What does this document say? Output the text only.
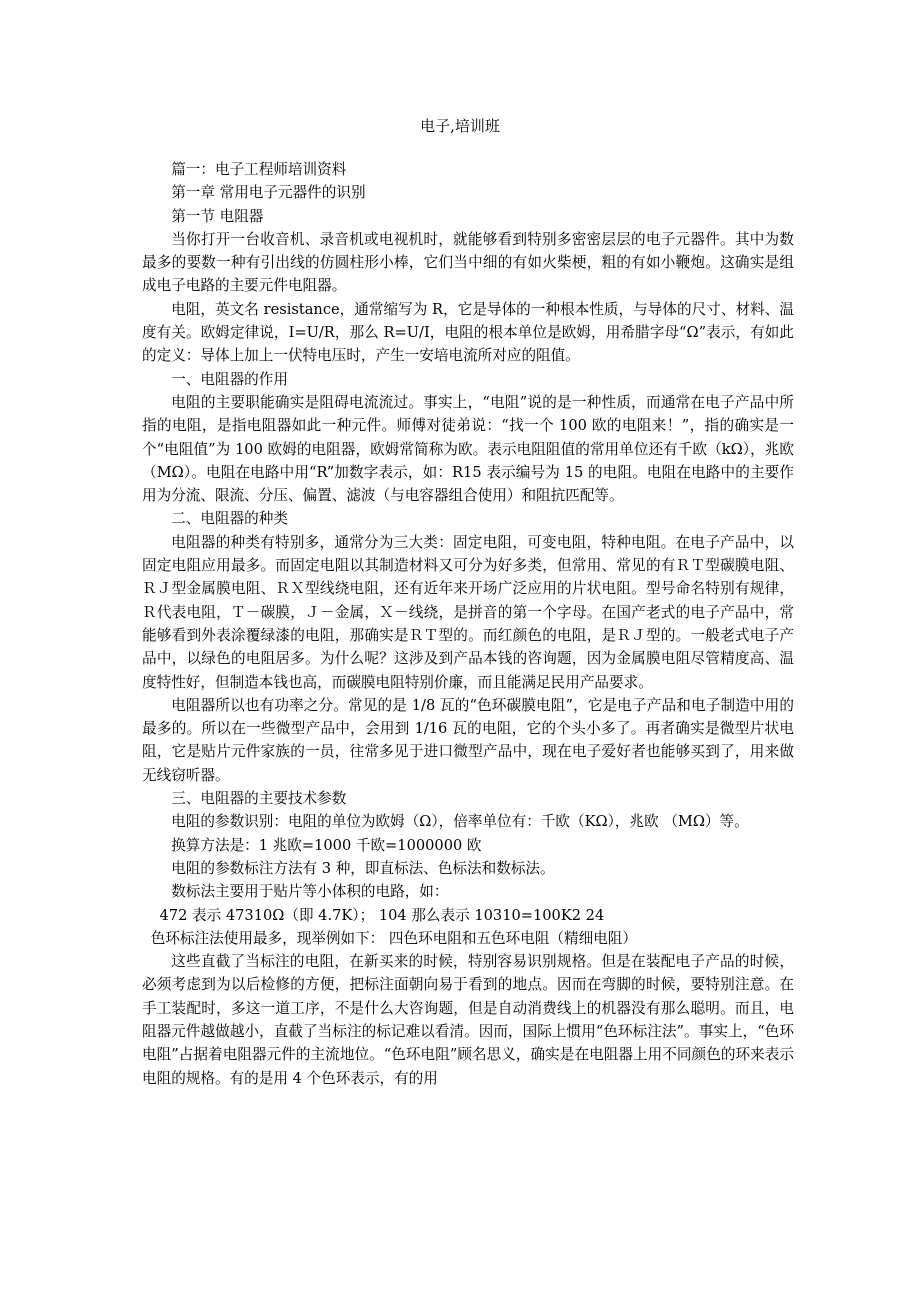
电子,培训班

篇一：电子工程师培训资料

第一章 常用电子元器件的识别

第一节 电阻器

当你打开一台收音机、录音机或电视机时，就能够看到特别多密密层层的电子元器件。其中为数最多的要数一种有引出线的仿圆柱形小棒，它们当中细的有如火柴梗，粗的有如小鞭炮。这确实是组成电子电路的主要元件电阻器。

电阻，英文名 resistance，通常缩写为 R，它是导体的一种根本性质，与导体的尺寸、材料、温度有关。欧姆定律说，I=U/R，那么 R=U/I，电阻的根本单位是欧姆，用希腊字母“Ω”表示，有如此的定义：导体上加上一伏特电压时，产生一安培电流所对应的阻值。

一、电阻器的作用

电阻的主要职能确实是阻碍电流流过。事实上，“电阻”说的是一种性质，而通常在电子产品中所指的电阻，是指电阻器如此一种元件。师傅对徒弟说：“找一个 100 欧的电阻来！”，指的确实是一个“电阻值”为 100 欧姆的电阻器，欧姆常简称为欧。表示电阻阻值的常用单位还有千欧（kΩ），兆欧（MΩ）。电阻在电路中用“R”加数字表示，如：R15 表示编号为 15 的电阻。电阻在电路中的主要作用为分流、限流、分压、偏置、滤波（与电容器组合使用）和阻抗匹配等。

二、电阻器的种类

电阻器的种类有特别多，通常分为三大类：固定电阻，可变电阻，特种电阻。在电子产品中，以固定电阻应用最多。而固定电阻以其制造材料又可分为好多类，但常用、常见的有ＲＴ型碳膜电阻、ＲＪ型金属膜电阻、ＲＸ型线绕电阻，还有近年来开场广泛应用的片状电阻。型号命名特别有规律，Ｒ代表电阻，Ｔ－碳膜，Ｊ－金属，Ｘ－线绕，是拼音的第一个字母。在国产老式的电子产品中，常能够看到外表涂覆绿漆的电阻，那确实是ＲＴ型的。而红颜色的电阻，是ＲＪ型的。一般老式电子产品中，以绿色的电阻居多。为什么呢？这涉及到产品本钱的咨询题，因为金属膜电阻尽管精度高、温度特性好，但制造本钱也高，而碳膜电阻特别价廉，而且能满足民用产品要求。

电阻器所以也有功率之分。常见的是 1/8 瓦的“色环碳膜电阻”，它是电子产品和电子制造中用的最多的。所以在一些微型产品中，会用到 1/16 瓦的电阻，它的个头小多了。再者确实是微型片状电阻，它是贴片元件家族的一员，往常多见于进口微型产品中，现在电子爱好者也能够买到了，用来做无线窃听器。

三、电阻器的主要技术参数

电阻的参数识别：电阻的单位为欧姆（Ω），倍率单位有：千欧（KΩ），兆欧 （MΩ）等。

换算方法是：1 兆欧=1000 千欧=1000000 欧

电阻的参数标注方法有 3 种，即直标法、色标法和数标法。

数标法主要用于贴片等小体积的电路，如：

472 表示 47310Ω（即 4.7K）； 104 那么表示 10310=100K2 24

色环标注法使用最多，现举例如下： 四色环电阻和五色环电阻（精细电阻）

这些直截了当标注的电阻，在新买来的时候，特别容易识别规格。但是在装配电子产品的时候，必须考虑到为以后检修的方便，把标注面朝向易于看到的地点。因而在弯脚的时候，要特别注意。在手工装配时，多这一道工序，不是什么大咨询题，但是自动消费线上的机器没有那么聪明。而且，电阻器元件越做越小，直截了当标注的标记难以看清。因而，国际上惯用“色环标注法”。事实上，“色环电阻”占据着电阻器元件的主流地位。“色环电阻”顾名思义，确实是在电阻器上用不同颜色的环来表示电阻的规格。有的是用 4 个色环表示，有的用
